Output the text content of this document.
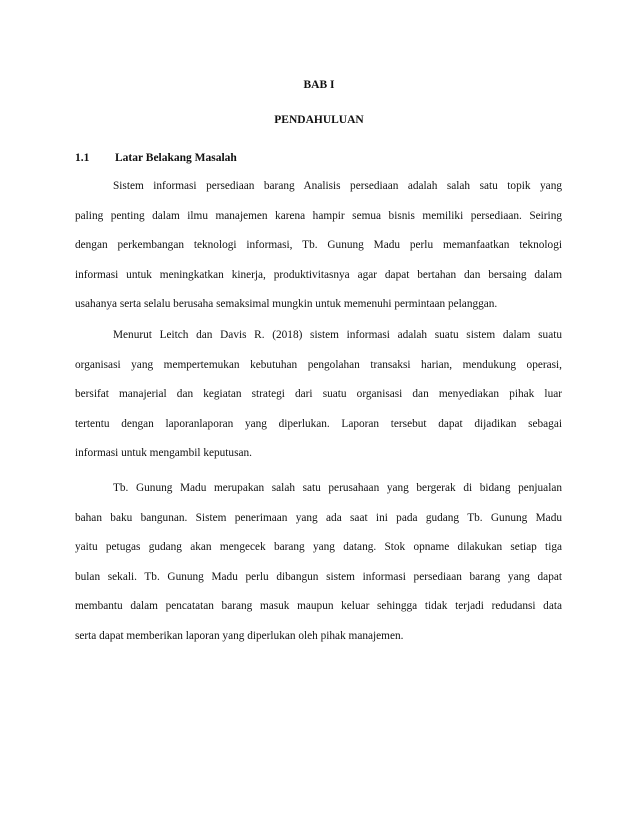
BAB I
PENDAHULUAN
1.1 Latar Belakang Masalah
Sistem informasi persediaan barang Analisis persediaan adalah salah satu topik yang
paling penting dalam ilmu manajemen karena hampir semua bisnis memiliki persediaan. Seiring
dengan perkembangan teknologi informasi, Tb. Gunung Madu perlu memanfaatkan teknologi
informasi untuk meningkatkan kinerja, produktivitasnya agar dapat bertahan dan bersaing dalam
usahanya serta selalu berusaha semaksimal mungkin untuk memenuhi permintaan pelanggan.
Menurut Leitch dan Davis R. (2018) sistem informasi adalah suatu sistem dalam suatu
organisasi yang mempertemukan kebutuhan pengolahan transaksi harian, mendukung operasi,
bersifat manajerial dan kegiatan strategi dari suatu organisasi dan menyediakan pihak luar
tertentu dengan laporanlaporan yang diperlukan. Laporan tersebut dapat dijadikan sebagai
informasi untuk mengambil keputusan.
Tb. Gunung Madu merupakan salah satu perusahaan yang bergerak di bidang penjualan
bahan baku bangunan. Sistem penerimaan yang ada saat ini pada gudang Tb. Gunung Madu
yaitu petugas gudang akan mengecek barang yang datang. Stok opname dilakukan setiap tiga
bulan sekali. Tb. Gunung Madu perlu dibangun sistem informasi persediaan barang yang dapat
membantu dalam pencatatan barang masuk maupun keluar sehingga tidak terjadi redudansi data
serta dapat memberikan laporan yang diperlukan oleh pihak manajemen.
